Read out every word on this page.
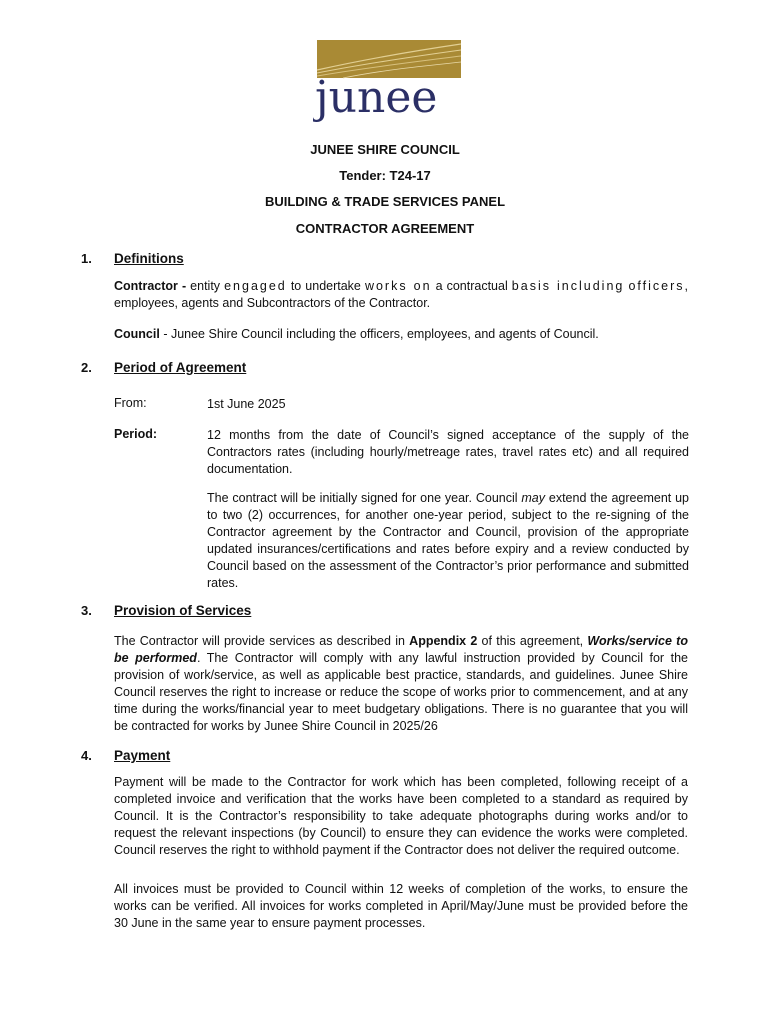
junee
JUNEE SHIRE COUNCIL
Tender: T24-17
BUILDING & TRADE SERVICES PANEL
CONTRACTOR AGREEMENT
1. Definitions
Contractor - entity engaged to undertake works on a contractual basis including officers, employees, agents and Subcontractors of the Contractor.
Council - Junee Shire Council including the officers, employees, and agents of Council.
2. Period of Agreement
From:	1st June 2025
Period:	12 months from the date of Council’s signed acceptance of the supply of the Contractors rates (including hourly/metreage rates, travel rates etc) and all required documentation.
The contract will be initially signed for one year. Council may extend the agreement up to two (2) occurrences, for another one-year period, subject to the re-signing of the Contractor agreement by the Contractor and Council, provision of the appropriate updated insurances/certifications and rates before expiry and a review conducted by Council based on the assessment of the Contractor’s prior performance and submitted rates.
3. Provision of Services
The Contractor will provide services as described in Appendix 2 of this agreement, Works/service to be performed. The Contractor will comply with any lawful instruction provided by Council for the provision of work/service, as well as applicable best practice, standards, and guidelines. Junee Shire Council reserves the right to increase or reduce the scope of works prior to commencement, and at any time during the works/financial year to meet budgetary obligations. There is no guarantee that you will be contracted for works by Junee Shire Council in 2025/26
4. Payment
Payment will be made to the Contractor for work which has been completed, following receipt of a completed invoice and verification that the works have been completed to a standard as required by Council. It is the Contractor’s responsibility to take adequate photographs during works and/or to request the relevant inspections (by Council) to ensure they can evidence the works were completed. Council reserves the right to withhold payment if the Contractor does not deliver the required outcome.
All invoices must be provided to Council within 12 weeks of completion of the works, to ensure the works can be verified. All invoices for works completed in April/May/June must be provided before the 30 June in the same year to ensure payment processes.
